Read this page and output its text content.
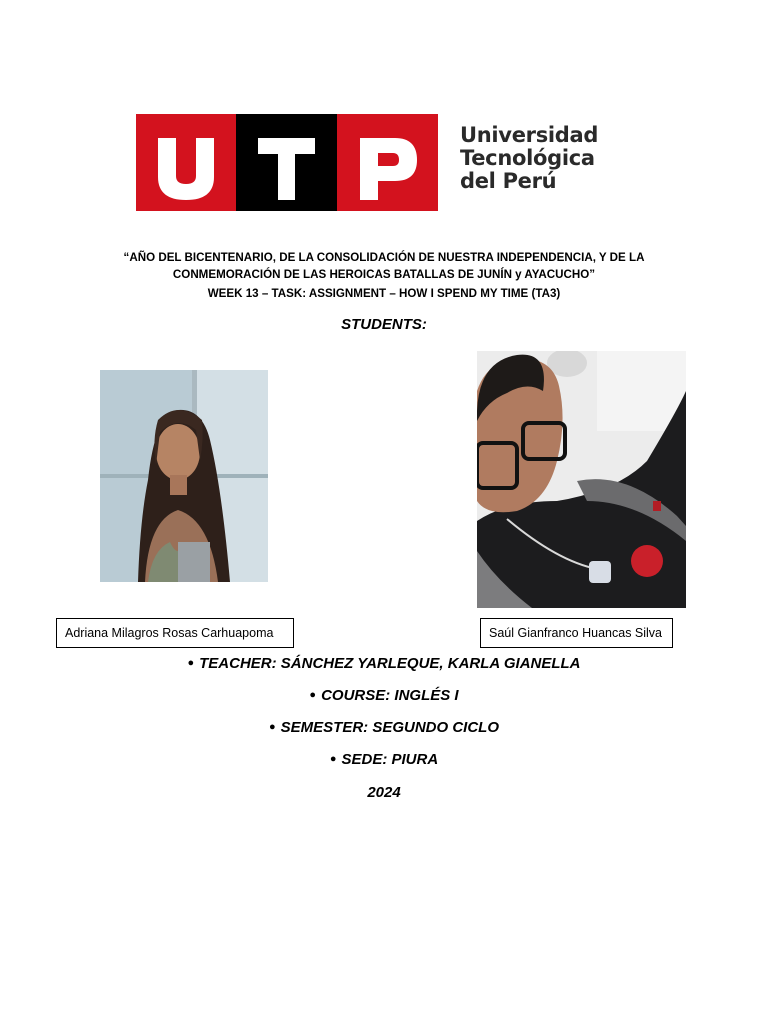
Universidad
Tecnológica
del Perú
“AÑO DEL BICENTENARIO, DE LA CONSOLIDACIÓN DE NUESTRA INDEPENDENCIA, Y DE LA
CONMEMORACIÓN DE LAS HEROICAS BATALLAS DE JUNÍN y AYACUCHO”
WEEK 13 – TASK: ASSIGNMENT – HOW I SPEND MY TIME (TA3)
STUDENTS:
Adriana Milagros Rosas Carhuapoma	Saúl Gianfranco Huancas Silva
● TEACHER: SÁNCHEZ YARLEQUE, KARLA GIANELLA
● COURSE: INGLÉS I
● SEMESTER: SEGUNDO CICLO
● SEDE: PIURA
2024
